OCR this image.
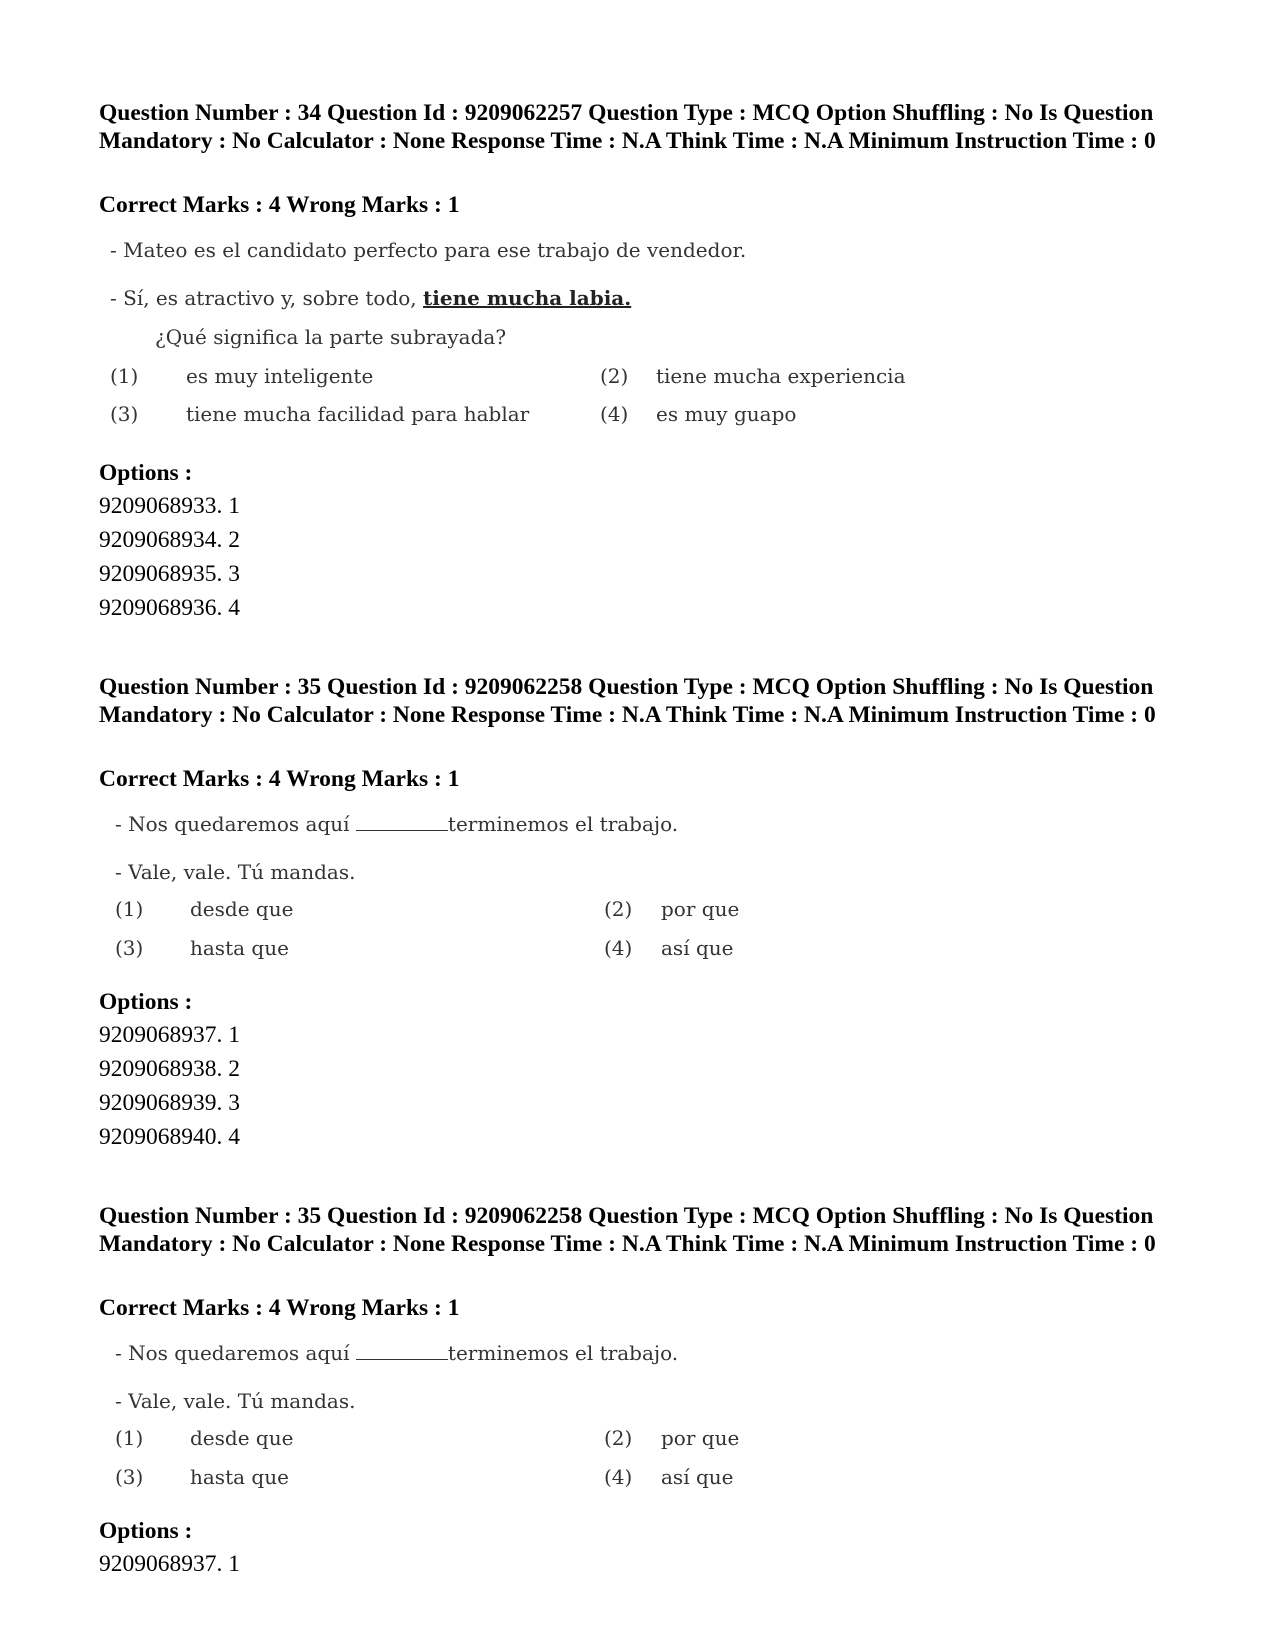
Question Number : 34 Question Id : 9209062257 Question Type : MCQ Option Shuffling : No Is Question Mandatory : No Calculator : None Response Time : N.A Think Time : N.A Minimum Instruction Time : 0
Correct Marks : 4 Wrong Marks : 1
- Mateo es el candidato perfecto para ese trabajo de vendedor.
- Sí, es atractivo y, sobre todo, tiene mucha labia.
¿Qué significa la parte subrayada?
(1) es muy inteligente	(2) tiene mucha experiencia
(3) tiene mucha facilidad para hablar	(4) es muy guapo
Options :
9209068933. 1
9209068934. 2
9209068935. 3
9209068936. 4
Question Number : 35 Question Id : 9209062258 Question Type : MCQ Option Shuffling : No Is Question Mandatory : No Calculator : None Response Time : N.A Think Time : N.A Minimum Instruction Time : 0
Correct Marks : 4 Wrong Marks : 1
- Nos quedaremos aquí	terminemos el trabajo.
- Vale, vale. Tú mandas.
(1) desde que	(2) por que
(3) hasta que	(4) así que
Options :
9209068937. 1
9209068938. 2
9209068939. 3
9209068940. 4
Question Number : 35 Question Id : 9209062258 Question Type : MCQ Option Shuffling : No Is Question Mandatory : No Calculator : None Response Time : N.A Think Time : N.A Minimum Instruction Time : 0
Correct Marks : 4 Wrong Marks : 1
- Nos quedaremos aquí	terminemos el trabajo.
- Vale, vale. Tú mandas.
(1) desde que	(2) por que
(3) hasta que	(4) así que
Options :
9209068937. 1
